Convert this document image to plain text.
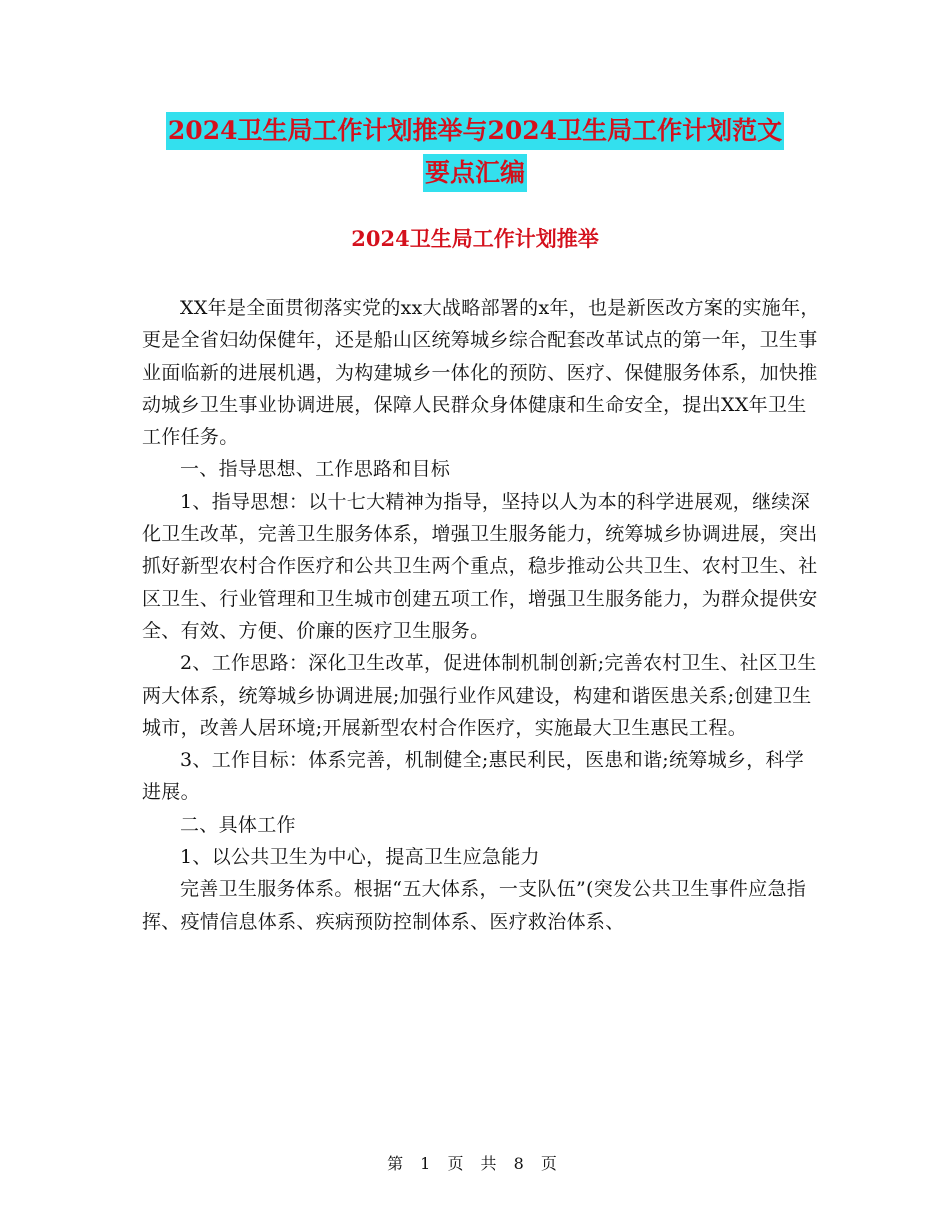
2024卫生局工作计划推举与2024卫生局工作计划范文
要点汇编
2024卫生局工作计划推举

XX年是全面贯彻落实党的xx大战略部署的x年，也是新医改方案的实施年，更是全省妇幼保健年，还是船山区统筹城乡综合配套改革试点的第一年，卫生事业面临新的进展机遇，为构建城乡一体化的预防、医疗、保健服务体系，加快推动城乡卫生事业协调进展，保障人民群众身体健康和生命安全，提出XX年卫生工作任务。

一、指导思想、工作思路和目标

1、指导思想：以十七大精神为指导，坚持以人为本的科学进展观，继续深化卫生改革，完善卫生服务体系，增强卫生服务能力，统筹城乡协调进展，突出抓好新型农村合作医疗和公共卫生两个重点，稳步推动公共卫生、农村卫生、社区卫生、行业管理和卫生城市创建五项工作，增强卫生服务能力，为群众提供安全、有效、方便、价廉的医疗卫生服务。

2、工作思路：深化卫生改革，促进体制机制创新;完善农村卫生、社区卫生两大体系，统筹城乡协调进展;加强行业作风建设，构建和谐医患关系;创建卫生城市，改善人居环境;开展新型农村合作医疗，实施最大卫生惠民工程。

3、工作目标：体系完善，机制健全;惠民利民，医患和谐;统筹城乡，科学进展。

二、具体工作

1、以公共卫生为中心，提高卫生应急能力

完善卫生服务体系。根据“五大体系，一支队伍”(突发公共卫生事件应急指挥、疫情信息体系、疾病预防控制体系、医疗救治体系、

第 1 页 共 8 页
